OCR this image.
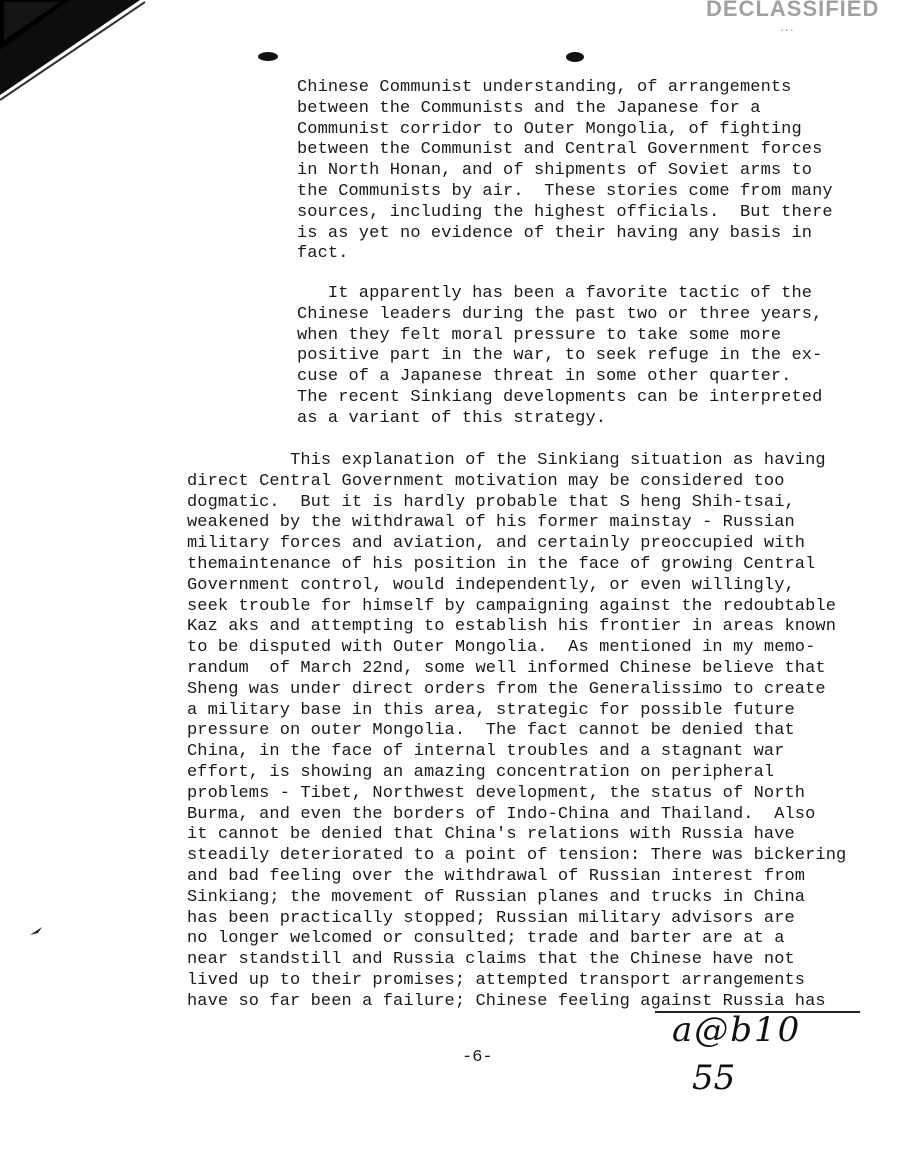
DECLASSIFIED
...
Chinese Communist understanding, of arrangements
between the Communists and the Japanese for a
Communist corridor to Outer Mongolia, of fighting
between the Communist and Central Government forces
in North Honan, and of shipments of Soviet arms to
the Communists by air.  These stories come from many
sources, including the highest officials.  But there
is as yet no evidence of their having any basis in
fact.
It apparently has been a favorite tactic of the
Chinese leaders during the past two or three years,
when they felt moral pressure to take some more
positive part in the war, to seek refuge in the ex-
cuse of a Japanese threat in some other quarter.
The recent Sinkiang developments can be interpreted
as a variant of this strategy.
This explanation of the Sinkiang situation as having
direct Central Government motivation may be considered too
dogmatic.  But it is hardly probable that S heng Shih-tsai,
weakened by the withdrawal of his former mainstay - Russian
military forces and aviation, and certainly preoccupied with
themaintenance of his position in the face of growing Central
Government control, would independently, or even willingly,
seek trouble for himself by campaigning against the redoubtable
Kaz aks and attempting to establish his frontier in areas known
to be disputed with Outer Mongolia.  As mentioned in my memo-
randum  of March 22nd, some well informed Chinese believe that
Sheng was under direct orders from the Generalissimo to create
a military base in this area, strategic for possible future
pressure on outer Mongolia.  The fact cannot be denied that
China, in the face of internal troubles and a stagnant war
effort, is showing an amazing concentration on peripheral
problems - Tibet, Northwest development, the status of North
Burma, and even the borders of Indo-China and Thailand.  Also
it cannot be denied that China's relations with Russia have
steadily deteriorated to a point of tension: There was bickering
and bad feeling over the withdrawal of Russian interest from
Sinkiang; the movement of Russian planes and trucks in China
has been practically stopped; Russian military advisors are
no longer welcomed or consulted; trade and barter are at a
near standstill and Russia claims that the Chinese have not
lived up to their promises; attempted transport arrangements
have so far been a failure; Chinese feeling against Russia has
-6-
a@b10
55
